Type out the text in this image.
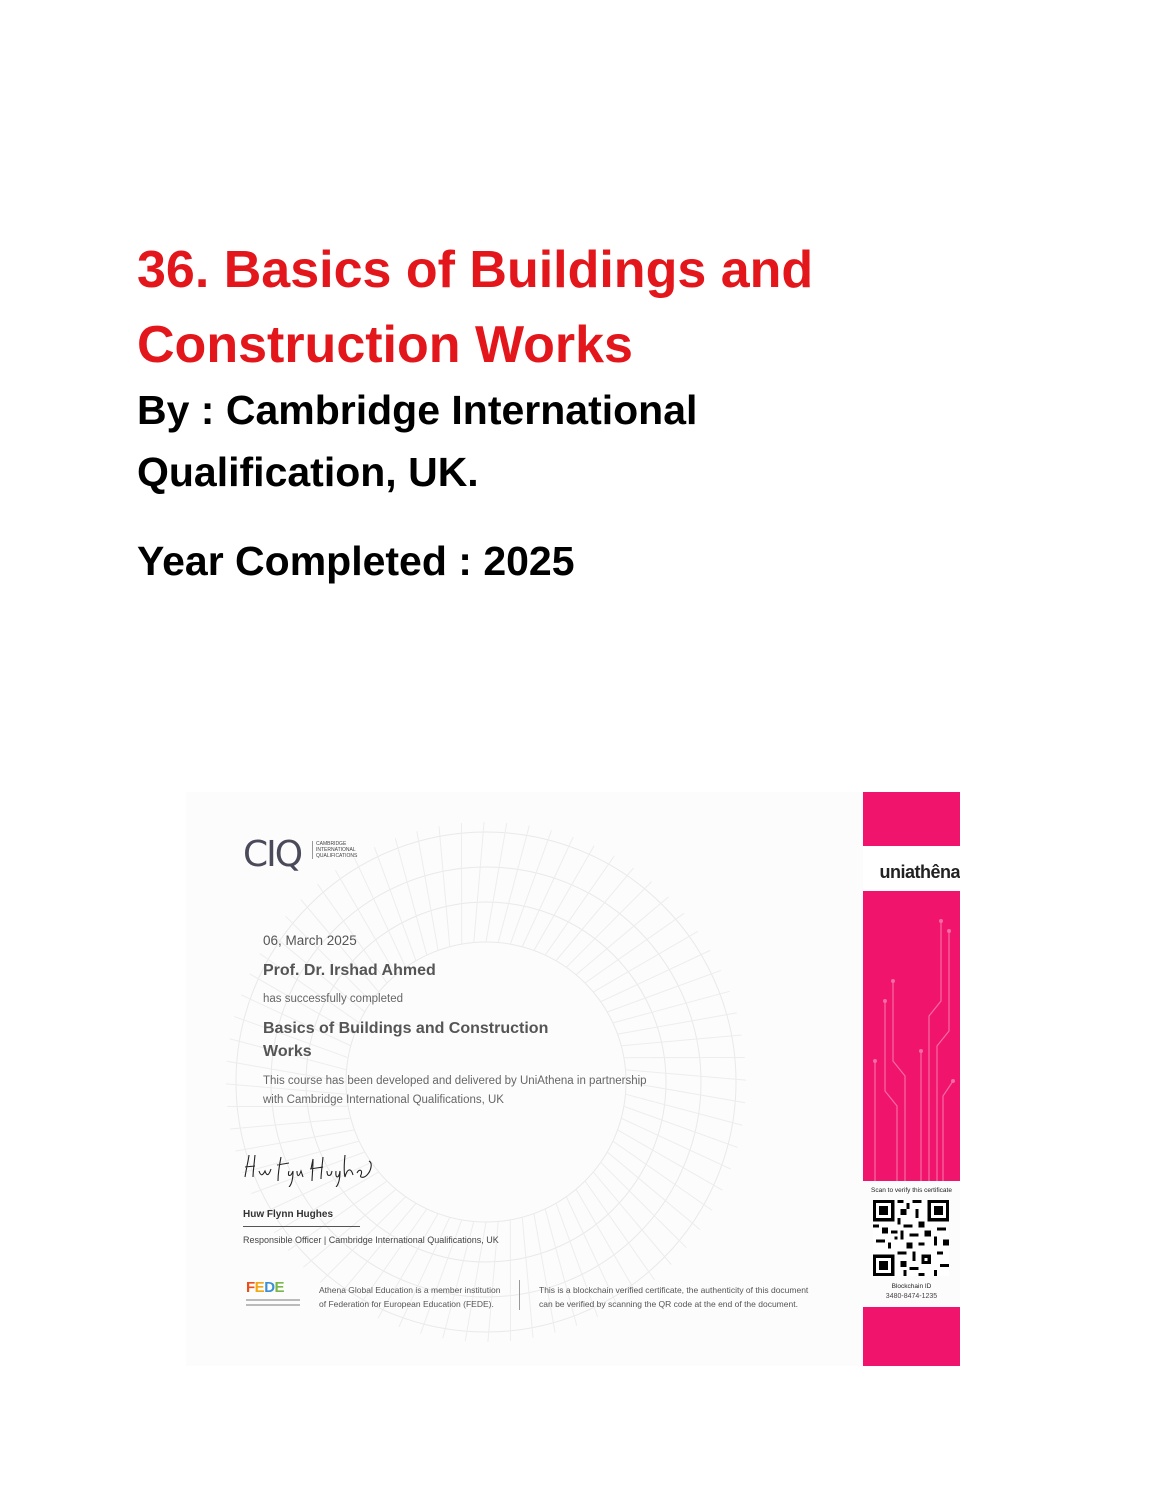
36. Basics of Buildings and
Construction Works
By : Cambridge International
Qualification, UK.
Year Completed : 2025
CIQ	CAMBRIDGE
INTERNATIONAL
QUALIFICATIONS
06, March 2025
Prof. Dr. Irshad Ahmed
has successfully completed
Basics of Buildings and Construction
Works
This course has been developed and delivered by UniAthena in partnership
with Cambridge International Qualifications, UK
Huw Flynn Hughes
Responsible Officer | Cambridge International Qualifications, UK
FEDE	Athena Global Education is a member institution
of Federation for European Education (FEDE).
This is a blockchain verified certificate, the authenticity of this document
can be verified by scanning the QR code at the end of the document.
uniathêna
Scan to verify this certificate
Blockchain ID
3480-8474-1235
